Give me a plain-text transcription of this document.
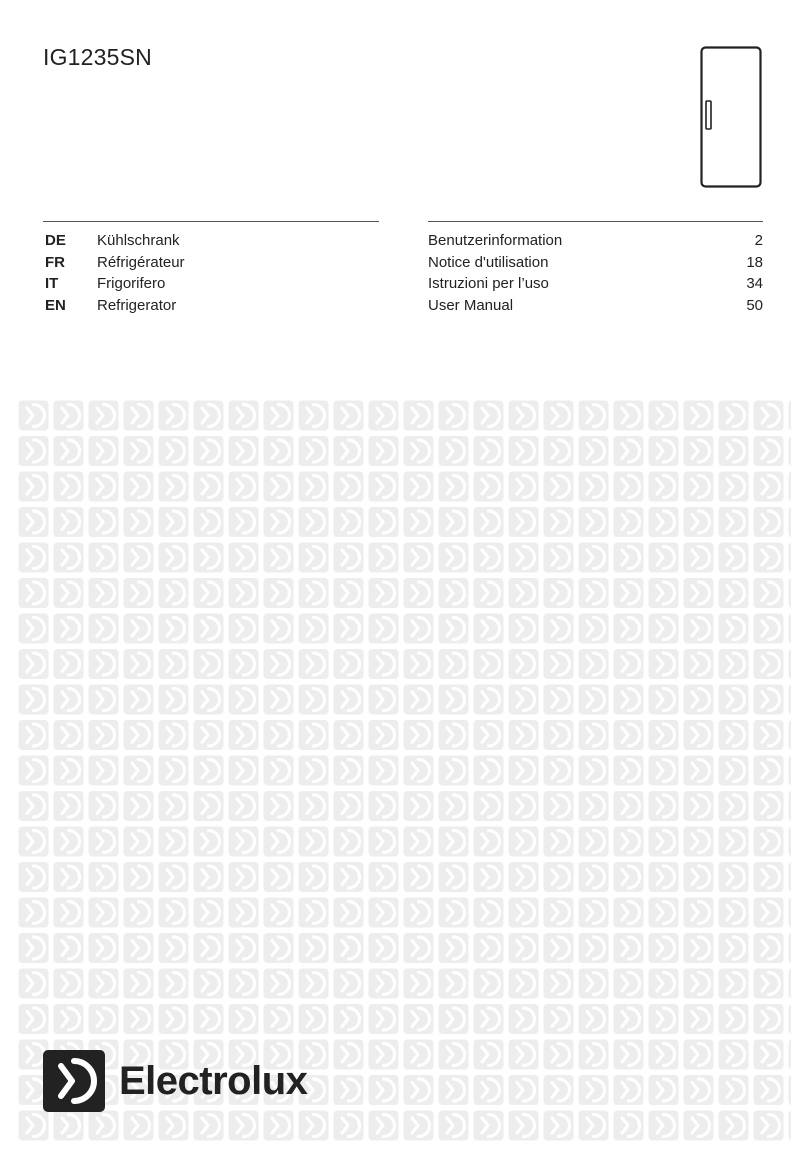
IG1235SN
DE Kühlschrank
FR Réfrigérateur
IT	Frigorifero
EN Refrigerator
Benutzerinformation	2
Notice d'utilisation	18
Istruzioni per l’uso	34
User Manual	50
Electrolux
